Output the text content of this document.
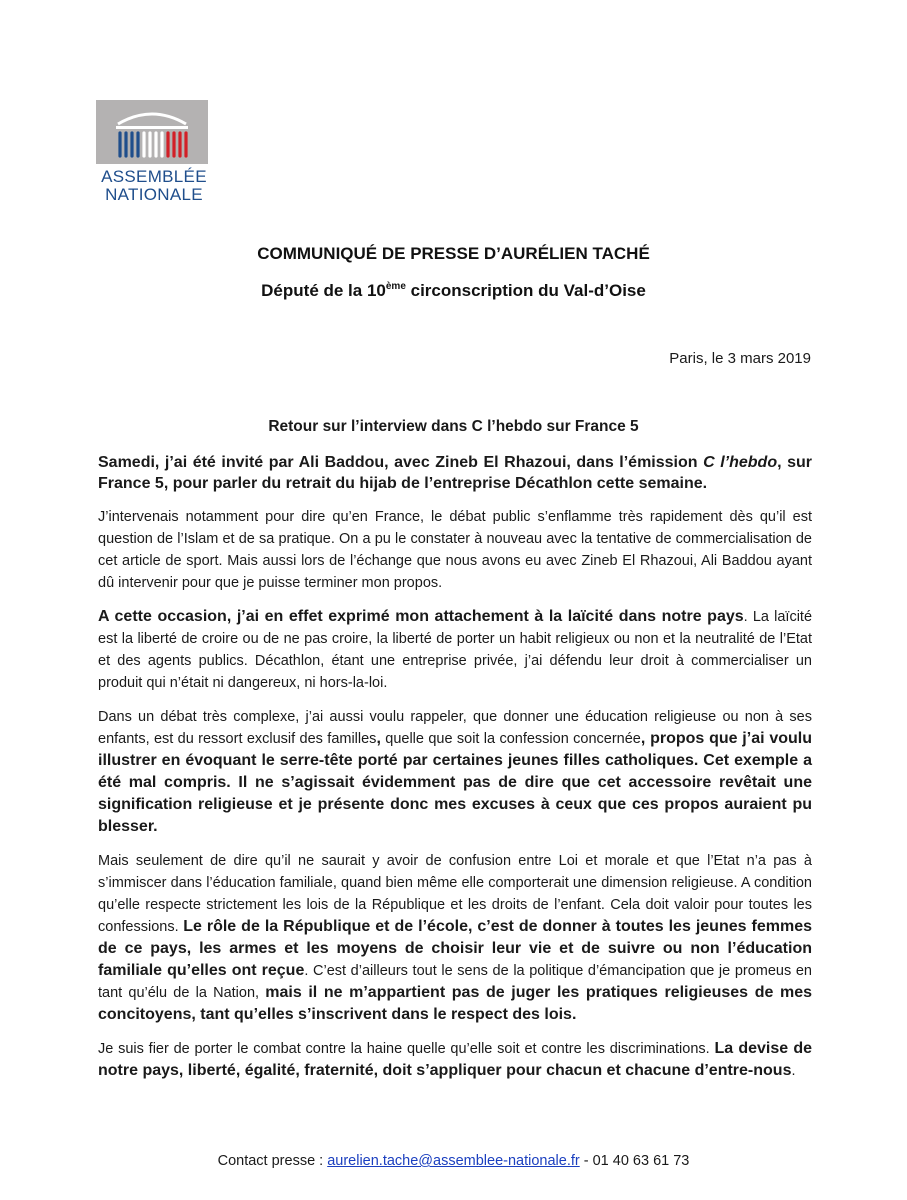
ASSEMBLÉE
NATIONALE
COMMUNIQUÉ DE PRESSE D’AURÉLIEN TACHÉ
Député de la 10ème circonscription du Val-d’Oise
Paris, le 3 mars 2019
Retour sur l’interview dans C l’hebdo sur France 5

Samedi, j’ai été invité par Ali Baddou, avec Zineb El Rhazoui, dans l’émission C l’hebdo, sur France 5, pour parler du retrait du hijab de l’entreprise Décathlon cette semaine.

J’intervenais notamment pour dire qu’en France, le débat public s’enflamme très rapidement dès qu’il est question de l’Islam et de sa pratique. On a pu le constater à nouveau avec la tentative de commercialisation de cet article de sport. Mais aussi lors de l’échange que nous avons eu avec Zineb El Rhazoui, Ali Baddou ayant dû intervenir pour que je puisse terminer mon propos.

A cette occasion, j’ai en effet exprimé mon attachement à la laïcité dans notre pays. La laïcité est la liberté de croire ou de ne pas croire, la liberté de porter un habit religieux ou non et la neutralité de l’Etat et des agents publics. Décathlon, étant une entreprise privée, j’ai défendu leur droit à commercialiser un produit qui n’était ni dangereux, ni hors-la-loi.

Dans un débat très complexe, j’ai aussi voulu rappeler, que donner une éducation religieuse ou non à ses enfants, est du ressort exclusif des familles, quelle que soit la confession concernée, propos que j’ai voulu illustrer en évoquant le serre-tête porté par certaines jeunes filles catholiques. Cet exemple a été mal compris. Il ne s’agissait évidemment pas de dire que cet accessoire revêtait une signification religieuse et je présente donc mes excuses à ceux que ces propos auraient pu blesser.

Mais seulement de dire qu’il ne saurait y avoir de confusion entre Loi et morale et que l’Etat n’a pas à s’immiscer dans l’éducation familiale, quand bien même elle comporterait une dimension religieuse. A condition qu’elle respecte strictement les lois de la République et les droits de l’enfant. Cela doit valoir pour toutes les confessions. Le rôle de la République et de l’école, c’est de donner à toutes les jeunes femmes de ce pays, les armes et les moyens de choisir leur vie et de suivre ou non l’éducation familiale qu’elles ont reçue. C’est d’ailleurs tout le sens de la politique d’émancipation que je promeus en tant qu’élu de la Nation, mais il ne m’appartient pas de juger les pratiques religieuses de mes concitoyens, tant qu’elles s’inscrivent dans le respect des lois.

Je suis fier de porter le combat contre la haine quelle qu’elle soit et contre les discriminations. La devise de notre pays, liberté, égalité, fraternité, doit s’appliquer pour chacun et chacune d’entre-nous.

Contact presse : aurelien.tache@assemblee-nationale.fr - 01 40 63 61 73
